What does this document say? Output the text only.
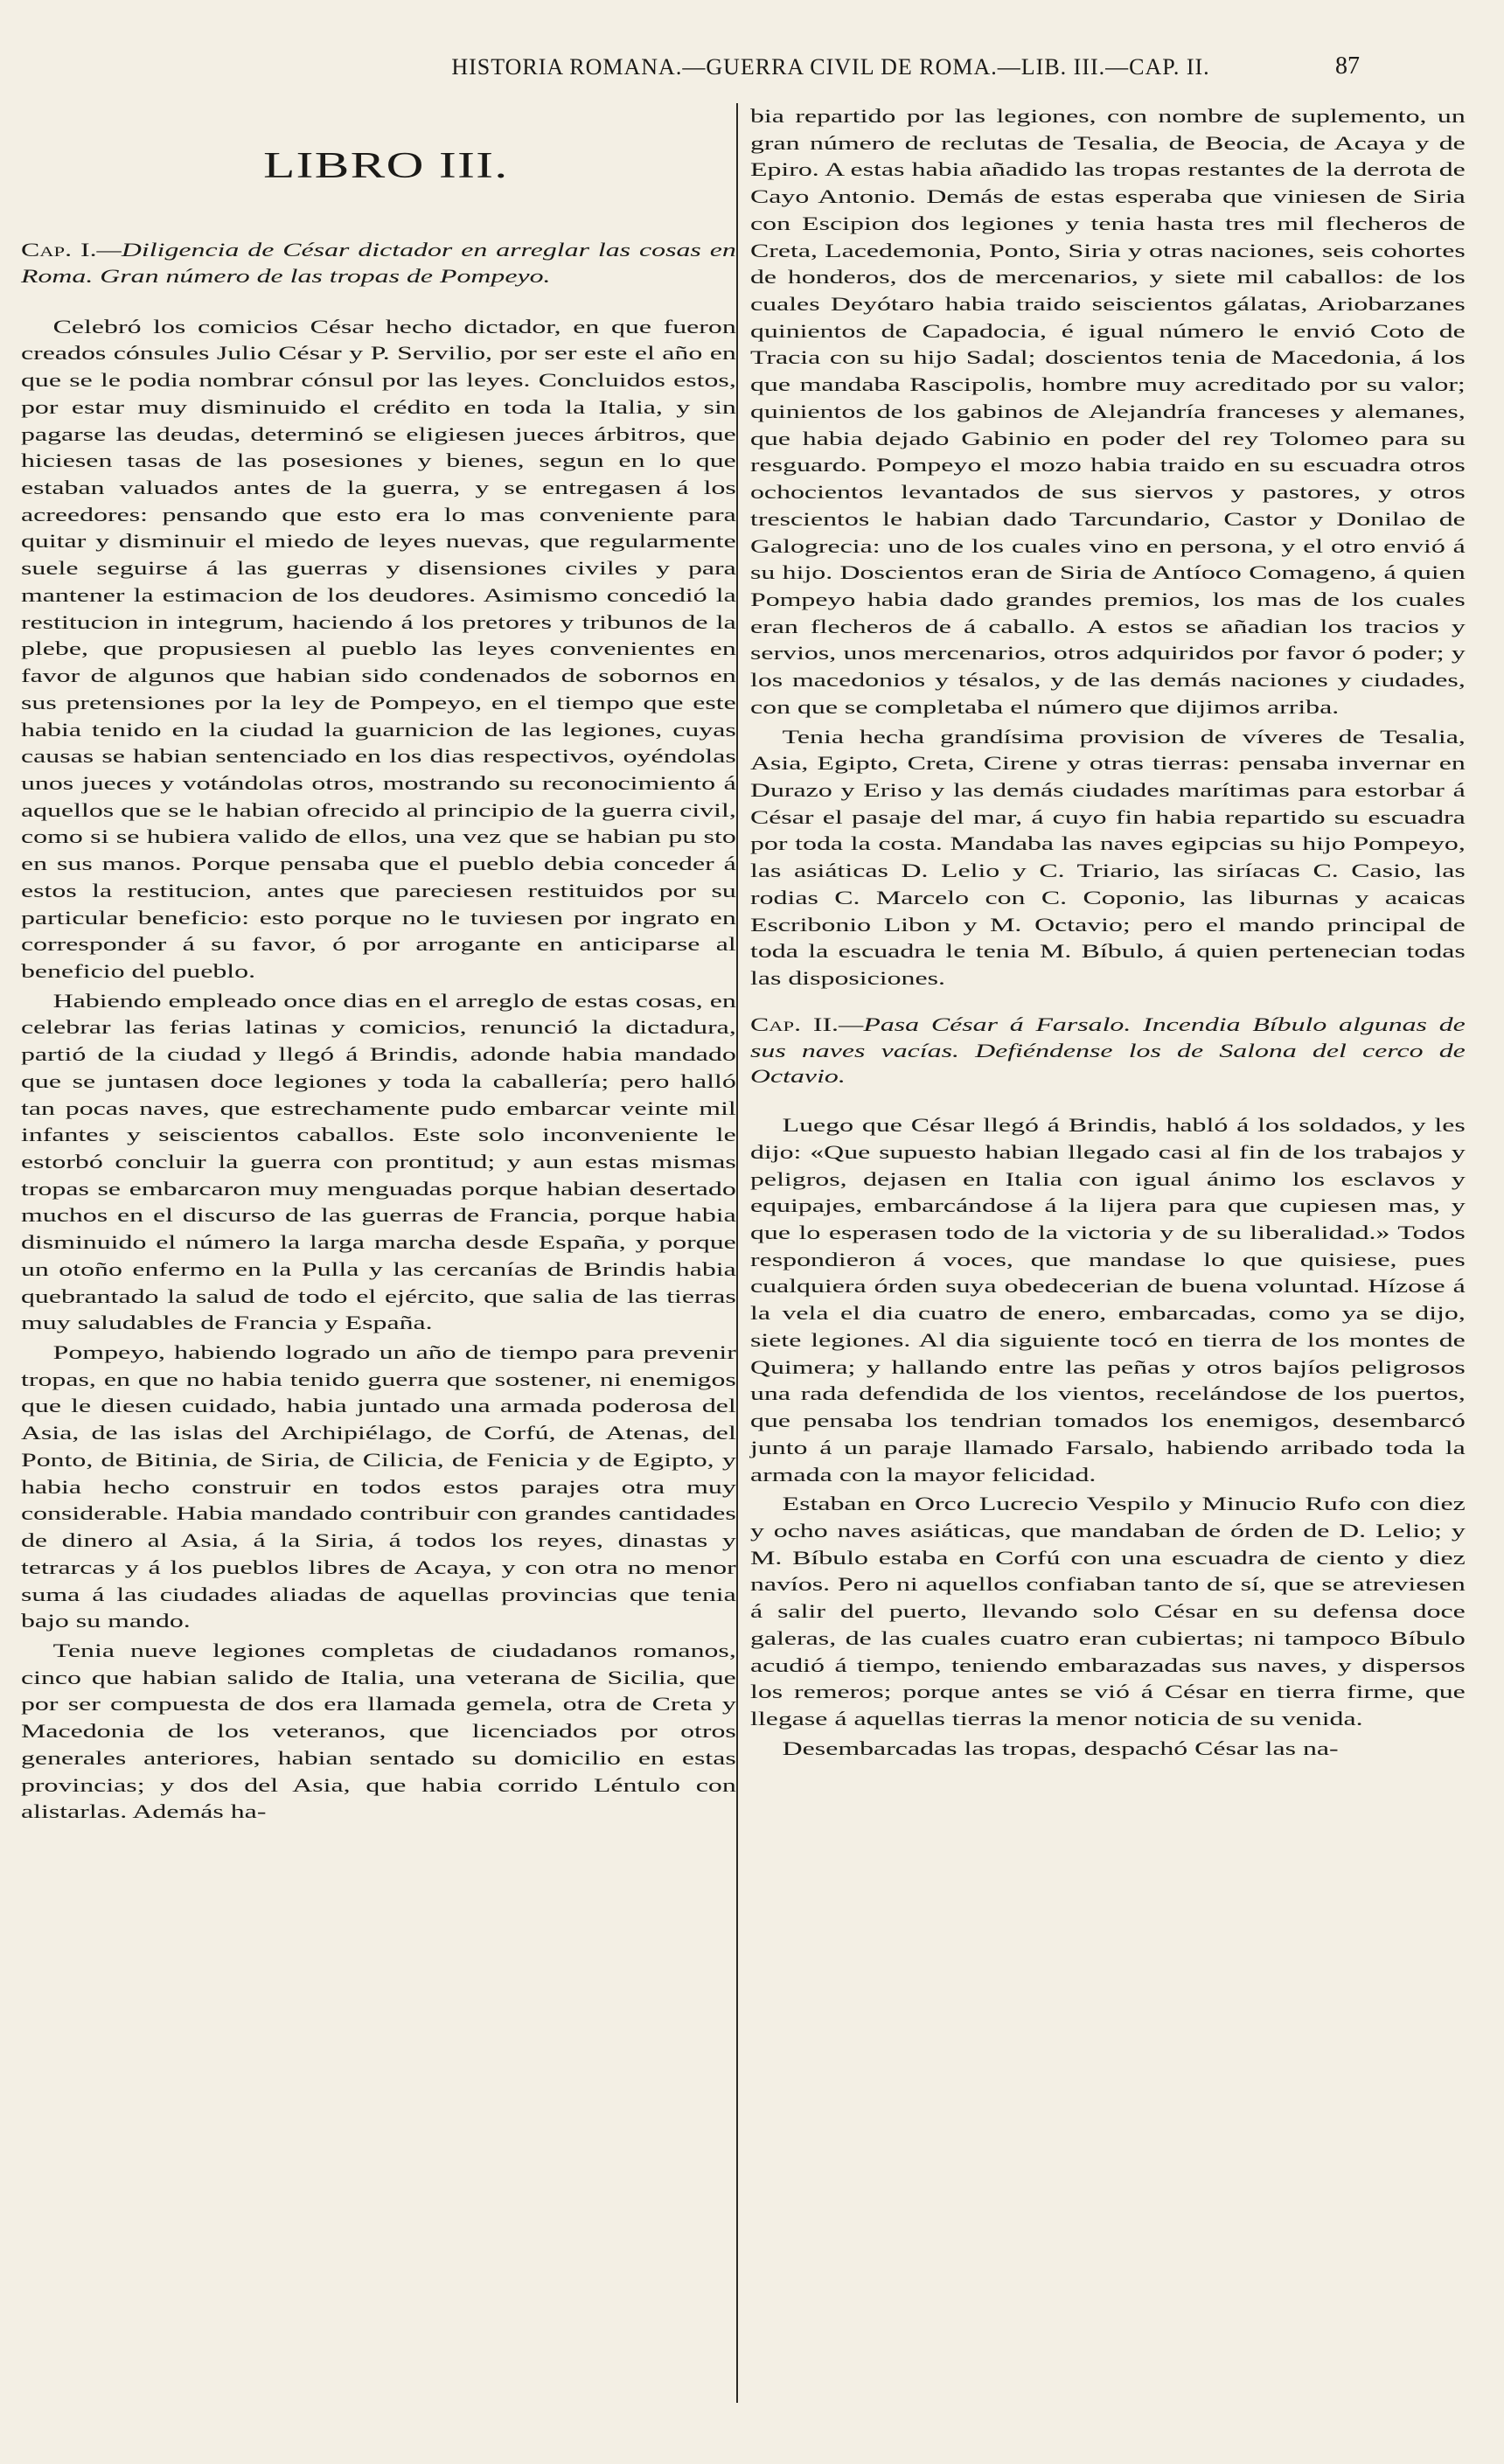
HISTORIA ROMANA.—GUERRA CIVIL DE ROMA.—LIB. III.—CAP. II.	87
LIBRO III.
Cap. I.—Diligencia de César dictador en arreglar las cosas en Roma. Gran número de las tropas de Pompeyo.

Celebró los comicios César hecho dictador, en que fueron creados cónsules Julio César y P. Servilio, por ser este el año en que se le podia nombrar cónsul por las leyes. Concluidos estos, por estar muy disminuido el crédito en toda la Italia, y sin pagarse las deudas, determinó se eligiesen jueces árbitros, que hiciesen tasas de las posesiones y bienes, segun en lo que estaban valuados antes de la guerra, y se entregasen á los acreedores: pensando que esto era lo mas conveniente para quitar y disminuir el miedo de leyes nuevas, que regularmente suele seguirse á las guerras y disensiones civiles y para mantener la estimacion de los deudores. Asimismo concedió la restitucion in integrum, haciendo á los pretores y tribunos de la plebe, que propusiesen al pueblo las leyes convenientes en favor de algunos que habian sido condenados de sobornos en sus pretensiones por la ley de Pompeyo, en el tiempo que este habia tenido en la ciudad la guarnicion de las legiones, cuyas causas se habian sentenciado en los dias respectivos, oyéndolas unos jueces y votándolas otros, mostrando su reconocimiento á aquellos que se le habian ofrecido al principio de la guerra civil, como si se hubiera valido de ellos, una vez que se habian pu sto en sus manos. Porque pensaba que el pueblo debia conceder á estos la restitucion, antes que pareciesen restituidos por su particular beneficio: esto porque no le tuviesen por ingrato en corresponder á su favor, ó por arrogante en anticiparse al beneficio del pueblo.

Habiendo empleado once dias en el arreglo de estas cosas, en celebrar las ferias latinas y comicios, renunció la dictadura, partió de la ciudad y llegó á Brindis, adonde habia mandado que se juntasen doce legiones y toda la caballería; pero halló tan pocas naves, que estrechamente pudo embarcar veinte mil infantes y seiscientos caballos. Este solo inconveniente le estorbó concluir la guerra con prontitud; y aun estas mismas tropas se embarcaron muy menguadas porque habian desertado muchos en el discurso de las guerras de Francia, porque habia disminuido el número la larga marcha desde España, y porque un otoño enfermo en la Pulla y las cercanías de Brindis habia quebrantado la salud de todo el ejército, que salia de las tierras muy saludables de Francia y España.

Pompeyo, habiendo logrado un año de tiempo para prevenir tropas, en que no habia tenido guerra que sostener, ni enemigos que le diesen cuidado, habia juntado una armada poderosa del Asia, de las islas del Archipiélago, de Corfú, de Atenas, del Ponto, de Bitinia, de Siria, de Cilicia, de Fenicia y de Egipto, y habia hecho construir en todos estos parajes otra muy considerable. Habia mandado contribuir con grandes cantidades de dinero al Asia, á la Siria, á todos los reyes, dinastas y tetrarcas y á los pueblos libres de Acaya, y con otra no menor suma á las ciudades aliadas de aquellas provincias que tenia bajo su mando.

Tenia nueve legiones completas de ciudadanos romanos, cinco que habian salido de Italia, una veterana de Sicilia, que por ser compuesta de dos era llamada gemela, otra de Creta y Macedonia de los veteranos, que licenciados por otros generales anteriores, habian sentado su domicilio en estas provincias; y dos del Asia, que habia corrido Léntulo con alistarlas. Además ha-

bia repartido por las legiones, con nombre de suplemento, un gran número de reclutas de Tesalia, de Beocia, de Acaya y de Epiro. A estas habia añadido las tropas restantes de la derrota de Cayo Antonio. Demás de estas esperaba que viniesen de Siria con Escipion dos legiones y tenia hasta tres mil flecheros de Creta, Lacedemonia, Ponto, Siria y otras naciones, seis cohortes de honderos, dos de mercenarios, y siete mil caballos: de los cuales Deyótaro habia traido seiscientos gálatas, Ariobarzanes quinientos de Capadocia, é igual número le envió Coto de Tracia con su hijo Sadal; doscientos tenia de Macedonia, á los que mandaba Rascipolis, hombre muy acreditado por su valor; quinientos de los gabinos de Alejandría franceses y alemanes, que habia dejado Gabinio en poder del rey Tolomeo para su resguardo. Pompeyo el mozo habia traido en su escuadra otros ochocientos levantados de sus siervos y pastores, y otros trescientos le habian dado Tarcundario, Castor y Donilao de Galogrecia: uno de los cuales vino en persona, y el otro envió á su hijo. Doscientos eran de Siria de Antíoco Comageno, á quien Pompeyo habia dado grandes premios, los mas de los cuales eran flecheros de á caballo. A estos se añadian los tracios y servios, unos mercenarios, otros adquiridos por favor ó poder; y los macedonios y tésalos, y de las demás naciones y ciudades, con que se completaba el número que dijimos arriba.

Tenia hecha grandísima provision de víveres de Tesalia, Asia, Egipto, Creta, Cirene y otras tierras: pensaba invernar en Durazo y Eriso y las demás ciudades marítimas para estorbar á César el pasaje del mar, á cuyo fin habia repartido su escuadra por toda la costa. Mandaba las naves egipcias su hijo Pompeyo, las asiáticas D. Lelio y C. Triario, las siríacas C. Casio, las rodias C. Marcelo con C. Coponio, las liburnas y acaicas Escribonio Libon y M. Octavio; pero el mando principal de toda la escuadra le tenia M. Bíbulo, á quien pertenecian todas las disposiciones.

Cap. II.—Pasa César á Farsalo. Incendia Bíbulo algunas de sus naves vacías. Defiéndense los de Salona del cerco de Octavio.

Luego que César llegó á Brindis, habló á los soldados, y les dijo: «Que supuesto habian llegado casi al fin de los trabajos y peligros, dejasen en Italia con igual ánimo los esclavos y equipajes, embarcándose á la lijera para que cupiesen mas, y que lo esperasen todo de la victoria y de su liberalidad.» Todos respondieron á voces, que mandase lo que quisiese, pues cualquiera órden suya obedecerian de buena voluntad. Hízose á la vela el dia cuatro de enero, embarcadas, como ya se dijo, siete legiones. Al dia siguiente tocó en tierra de los montes de Quimera; y hallando entre las peñas y otros bajíos peligrosos una rada defendida de los vientos, recelándose de los puertos, que pensaba los tendrian tomados los enemigos, desembarcó junto á un paraje llamado Farsalo, habiendo arribado toda la armada con la mayor felicidad.

Estaban en Orco Lucrecio Vespilo y Minucio Rufo con diez y ocho naves asiáticas, que mandaban de órden de D. Lelio; y M. Bíbulo estaba en Corfú con una escuadra de ciento y diez navíos. Pero ni aquellos confiaban tanto de sí, que se atreviesen á salir del puerto, llevando solo César en su defensa doce galeras, de las cuales cuatro eran cubiertas; ni tampoco Bíbulo acudió á tiempo, teniendo embarazadas sus naves, y dispersos los remeros; porque antes se vió á César en tierra firme, que llegase á aquellas tierras la menor noticia de su venida.

Desembarcadas las tropas, despachó César las na-
